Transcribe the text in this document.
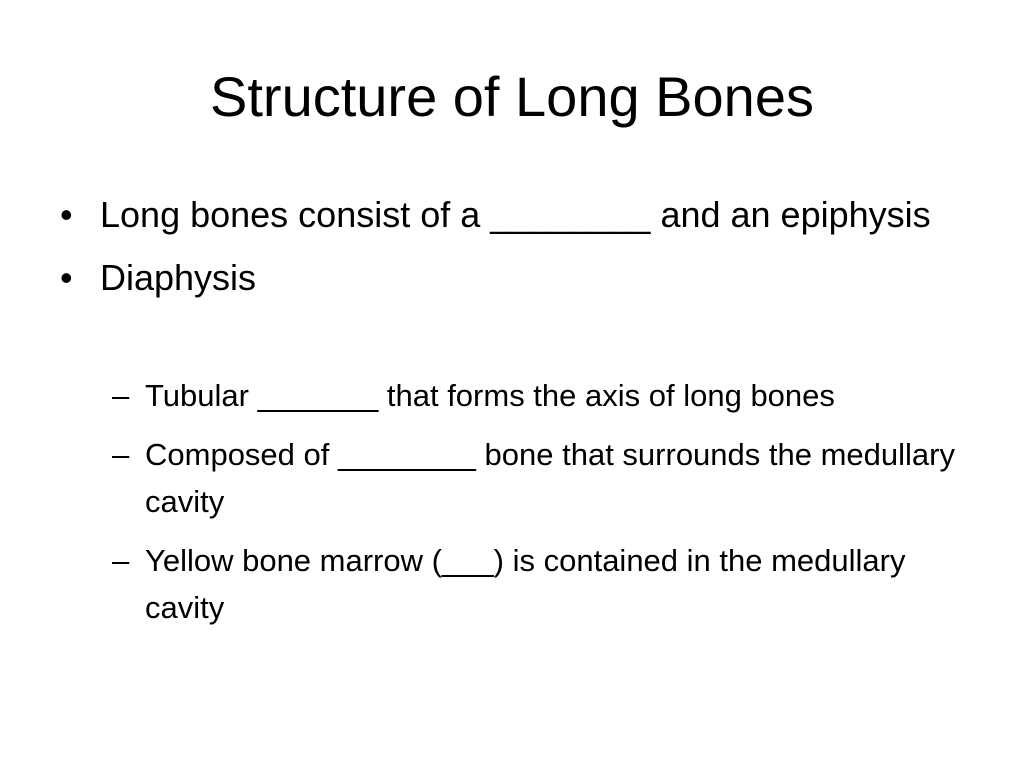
Structure of Long Bones
• Long bones consist of a ________ and an epiphysis
• Diaphysis
– Tubular _______ that forms the axis of long bones
– Composed of ________ bone that surrounds the medullary cavity
– Yellow bone marrow (___) is contained in the medullary cavity
